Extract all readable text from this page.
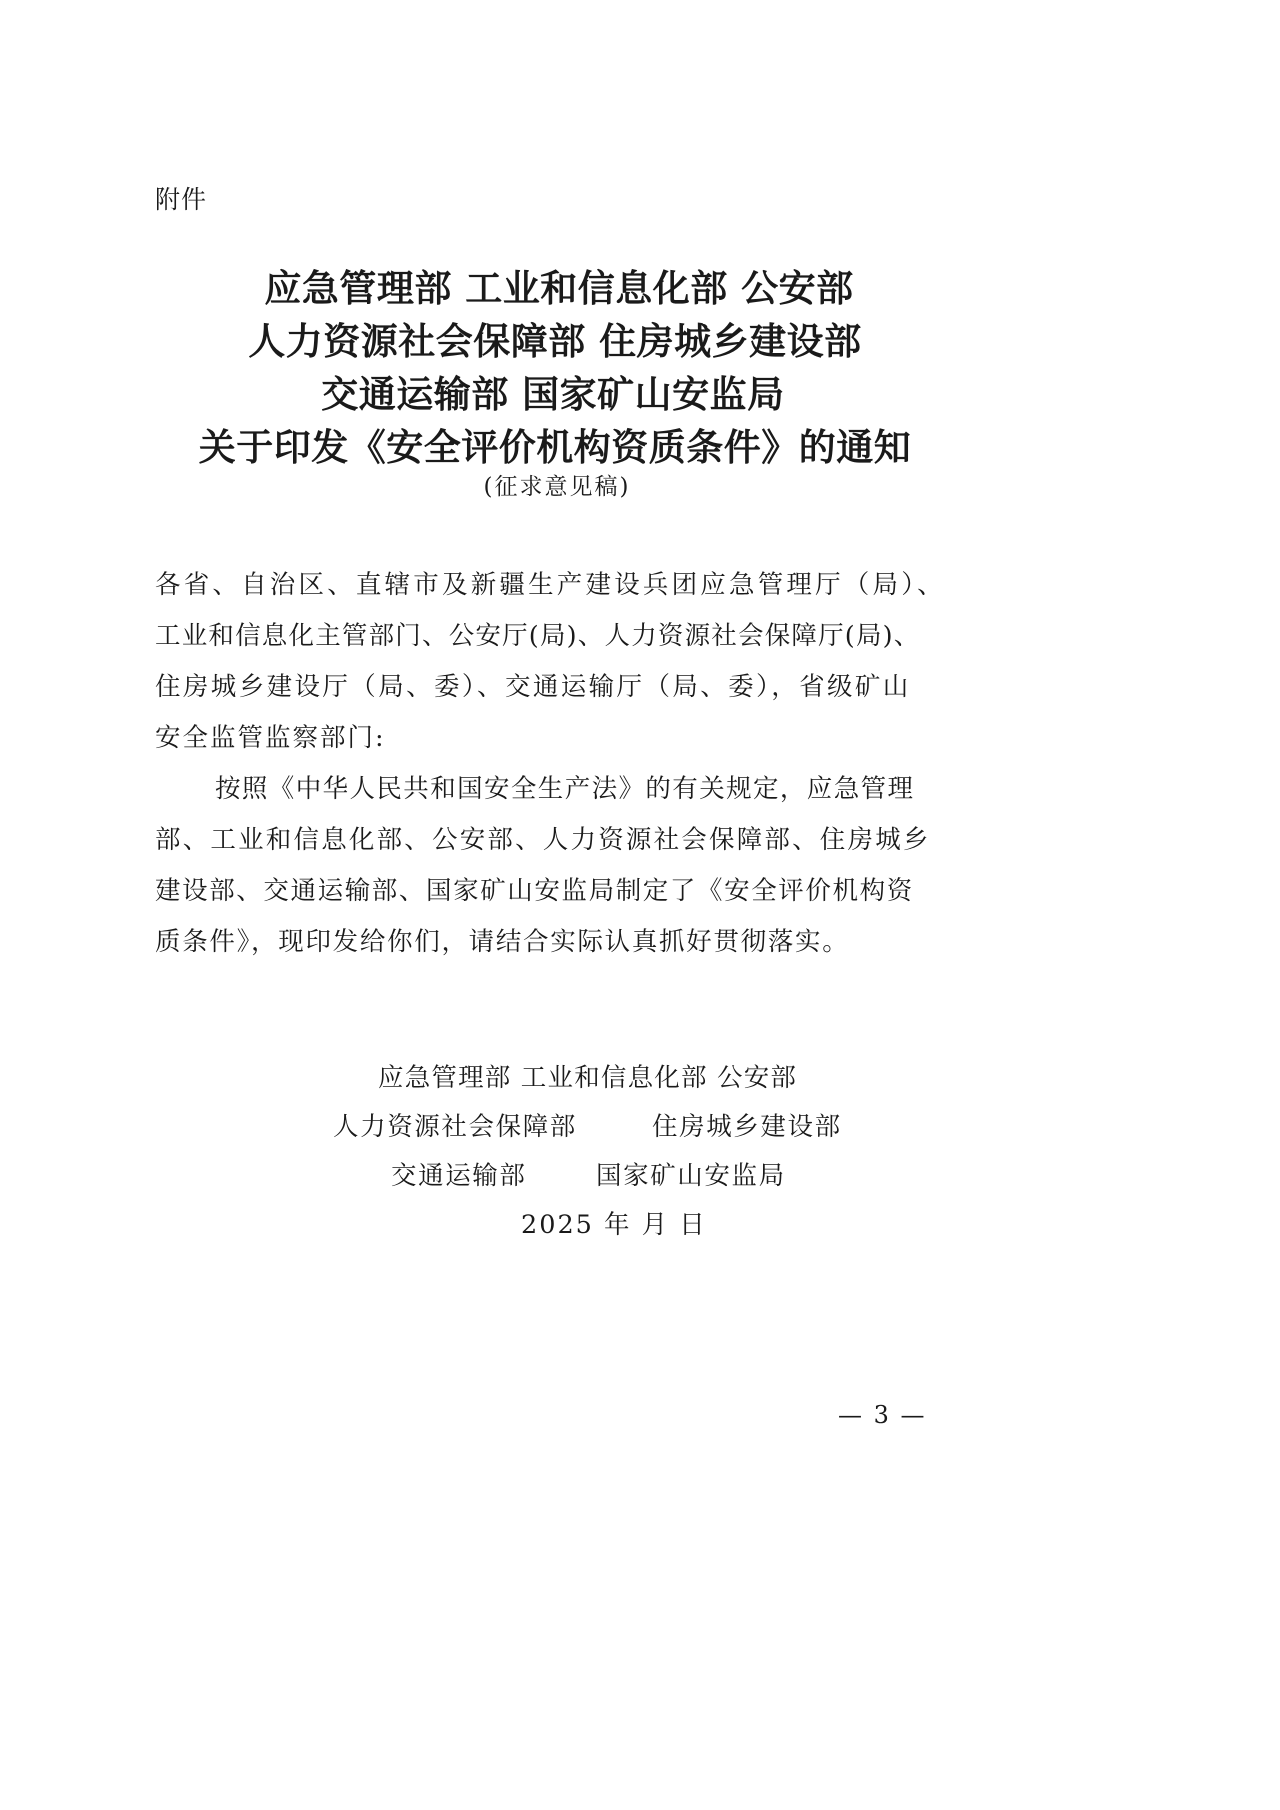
附件
应急管理部 工业和信息化部 公安部
人力资源社会保障部 住房城乡建设部
交通运输部 国家矿山安监局
关于印发《安全评价机构资质条件》的通知
(征求意见稿)
各省、自治区、直辖市及新疆生产建设兵团应急管理厅（局）、
工业和信息化主管部门、公安厅(局)、人力资源社会保障厅(局)、
住房城乡建设厅（局、委）、交通运输厅（局、委），省级矿山
安全监管监察部门:
按照《中华人民共和国安全生产法》的有关规定，应急管理
部、工业和信息化部、公安部、人力资源社会保障部、住房城乡
建设部、交通运输部、国家矿山安监局制定了《安全评价机构资
质条件》，现印发给你们，请结合实际认真抓好贯彻落实。
应急管理部 工业和信息化部 公安部
人力资源社会保障部	住房城乡建设部
交通运输部	国家矿山安监局
2025 年 月 日
— 3 —
